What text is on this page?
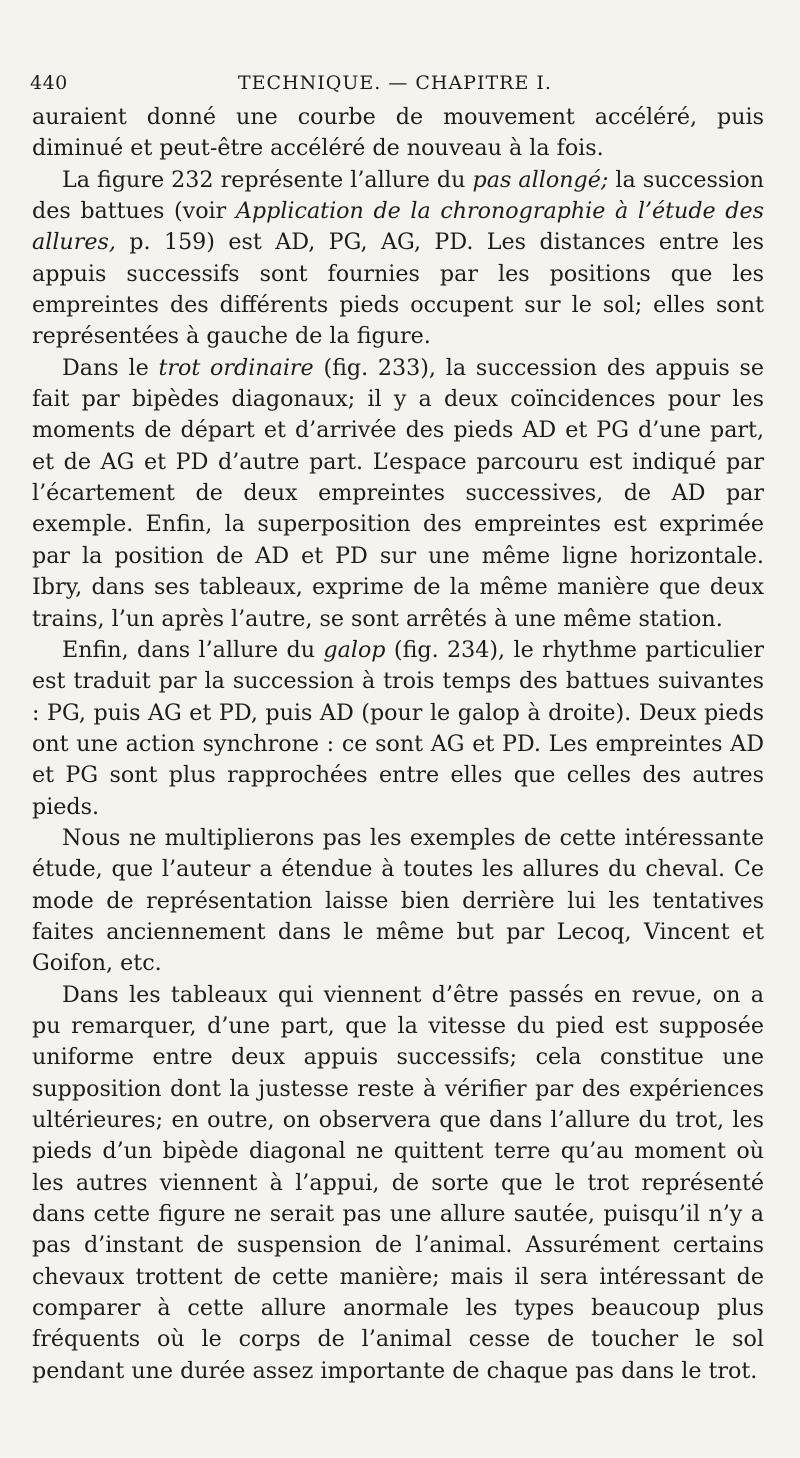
440	TECHNIQUE. — CHAPITRE I.

auraient donné une courbe de mouvement accéléré, puis diminué et peut-être accéléré de nouveau à la fois.

La figure 232 représente l’allure du pas allongé; la succession des battues (voir Application de la chronographie à l’étude des allures, p. 159) est AD, PG, AG, PD. Les distances entre les appuis successifs sont fournies par les positions que les empreintes des différents pieds occupent sur le sol; elles sont représentées à gauche de la figure.

Dans le trot ordinaire (fig. 233), la succession des appuis se fait par bipèdes diagonaux; il y a deux coïncidences pour les moments de départ et d’arrivée des pieds AD et PG d’une part, et de AG et PD d’autre part. L’espace parcouru est indiqué par l’écartement de deux empreintes successives, de AD par exemple. Enfin, la superposition des empreintes est exprimée par la position de AD et PD sur une même ligne horizontale. Ibry, dans ses tableaux, exprime de la même manière que deux trains, l’un après l’autre, se sont arrêtés à une même station.

Enfin, dans l’allure du galop (fig. 234), le rhythme particulier est traduit par la succession à trois temps des battues suivantes : PG, puis AG et PD, puis AD (pour le galop à droite). Deux pieds ont une action synchrone : ce sont AG et PD. Les empreintes AD et PG sont plus rapprochées entre elles que celles des autres pieds.

Nous ne multiplierons pas les exemples de cette intéressante étude, que l’auteur a étendue à toutes les allures du cheval. Ce mode de représentation laisse bien derrière lui les tentatives faites anciennement dans le même but par Lecoq, Vincent et Goifon, etc.

Dans les tableaux qui viennent d’être passés en revue, on a pu remarquer, d’une part, que la vitesse du pied est supposée uniforme entre deux appuis successifs; cela constitue une supposition dont la justesse reste à vérifier par des expériences ultérieures; en outre, on observera que dans l’allure du trot, les pieds d’un bipède diagonal ne quittent terre qu’au moment où les autres viennent à l’appui, de sorte que le trot représenté dans cette figure ne serait pas une allure sautée, puisqu’il n’y a pas d’instant de suspension de l’animal. Assurément certains chevaux trottent de cette manière; mais il sera intéressant de comparer à cette allure anormale les types beaucoup plus fréquents où le corps de l’animal cesse de toucher le sol pendant une durée assez importante de chaque pas dans le trot.
